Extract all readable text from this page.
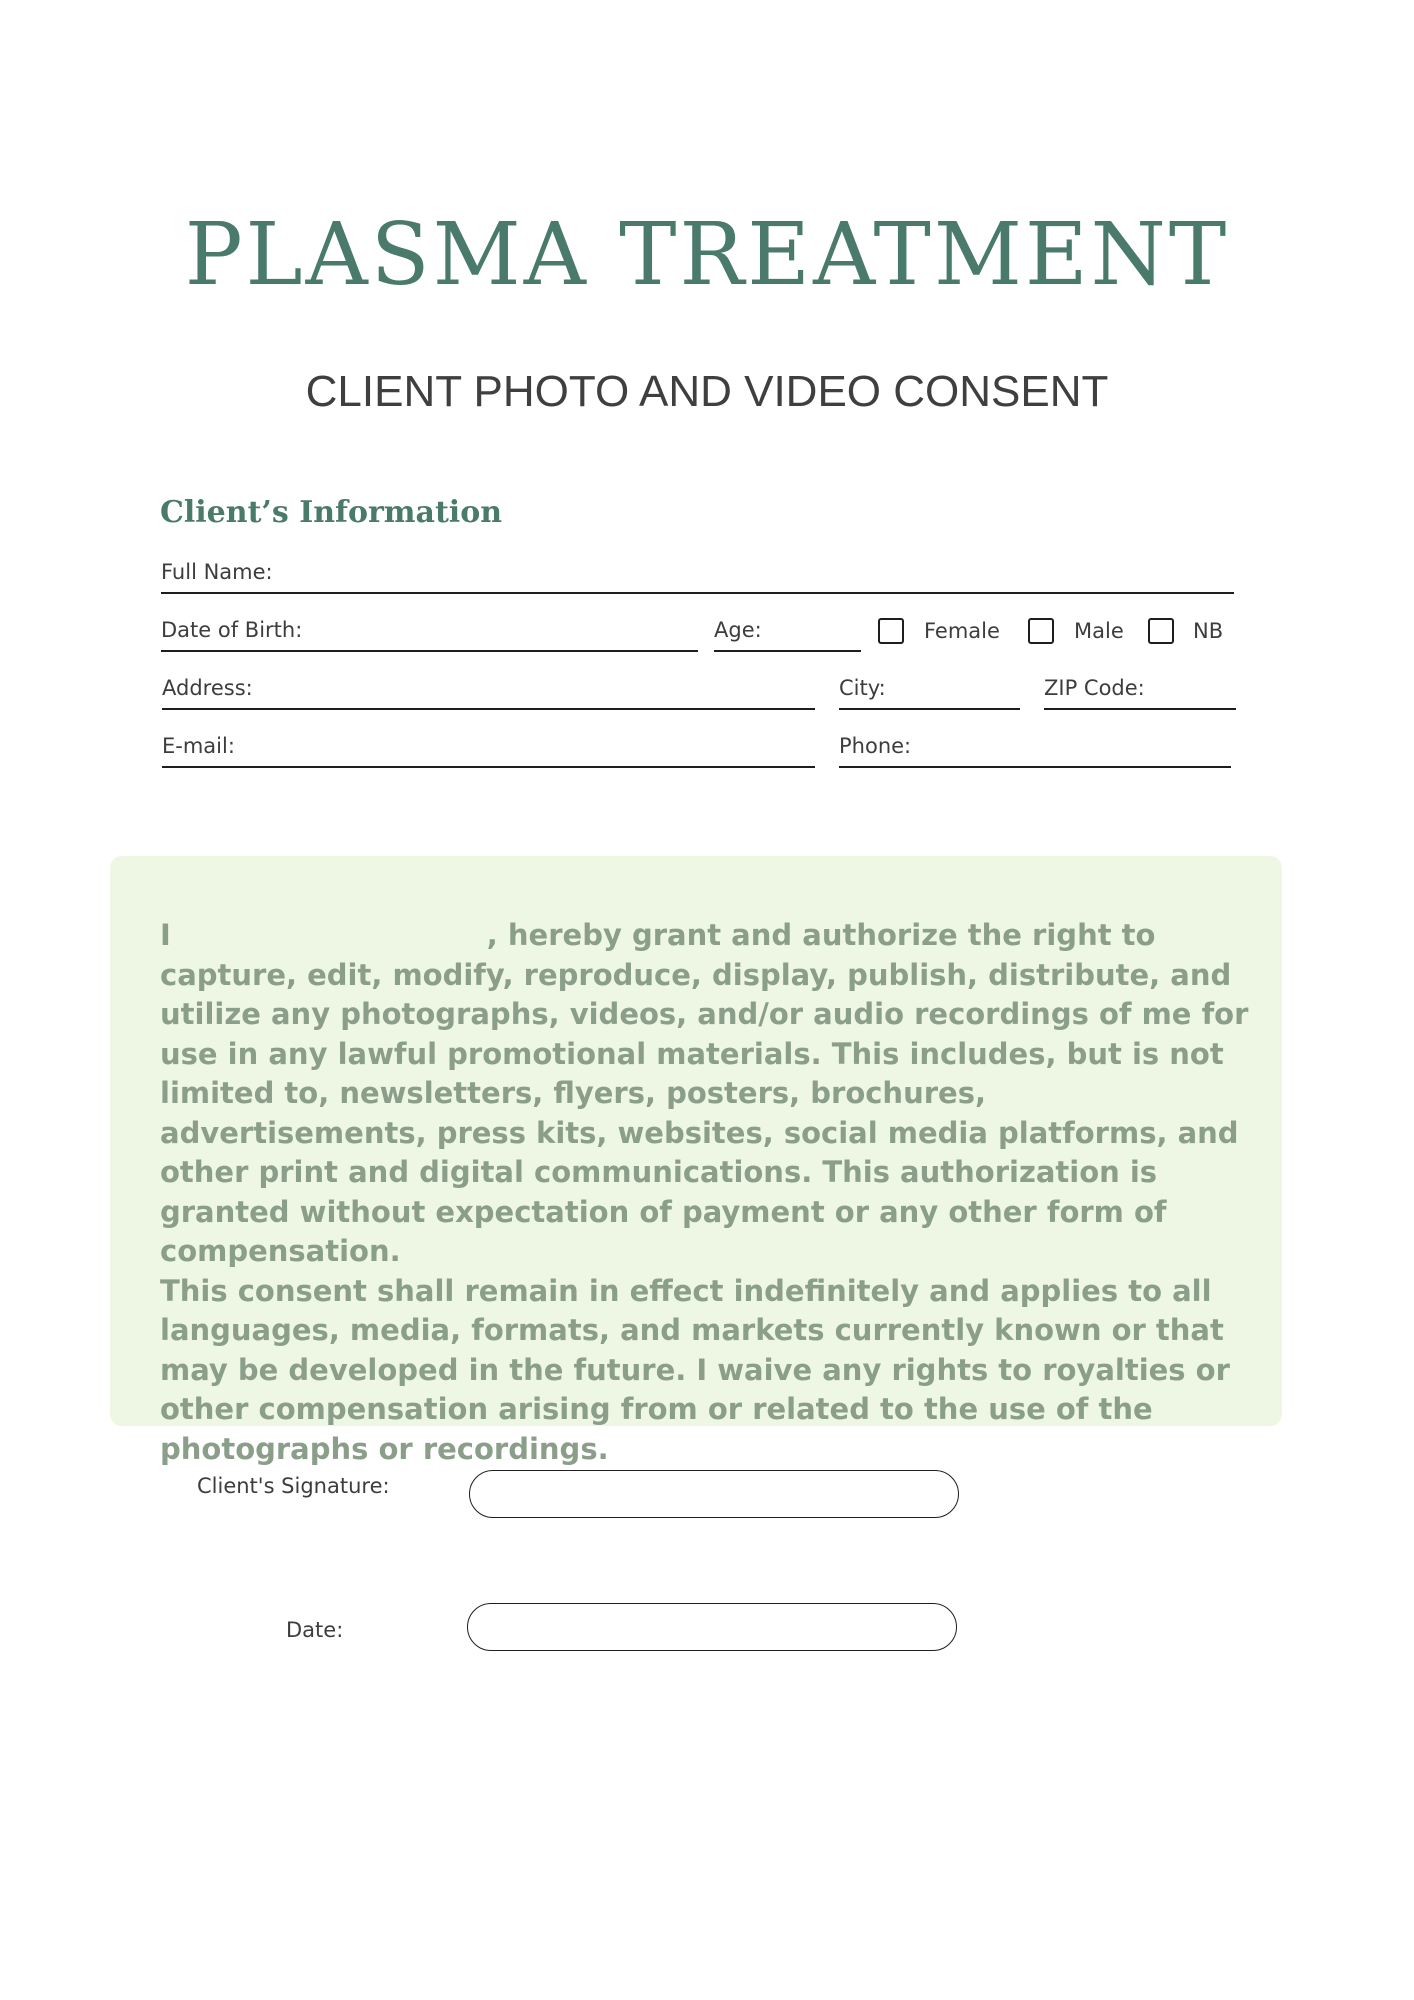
PLASMA TREATMENT
CLIENT PHOTO AND VIDEO CONSENT
Client’s Information
Full Name:
Date of Birth:	Age:	Female	Male	NB
Address:	City:	ZIP Code:
E-mail:	Phone:

I	, hereby grant and authorize the right to capture, edit, modify, reproduce, display, publish, distribute, and utilize any photographs, videos, and/or audio recordings of me for use in any lawful promotional materials. This includes, but is not limited to, newsletters, flyers, posters, brochures, advertisements, press kits, websites, social media platforms, and other print and digital communications. This authorization is granted without expectation of payment or any other form of compensation.

This consent shall remain in effect indefinitely and applies to all languages, media, formats, and markets currently known or that may be developed in the future. I waive any rights to royalties or other compensation arising from or related to the use of the photographs or recordings.

Client's Signature:
Date:
